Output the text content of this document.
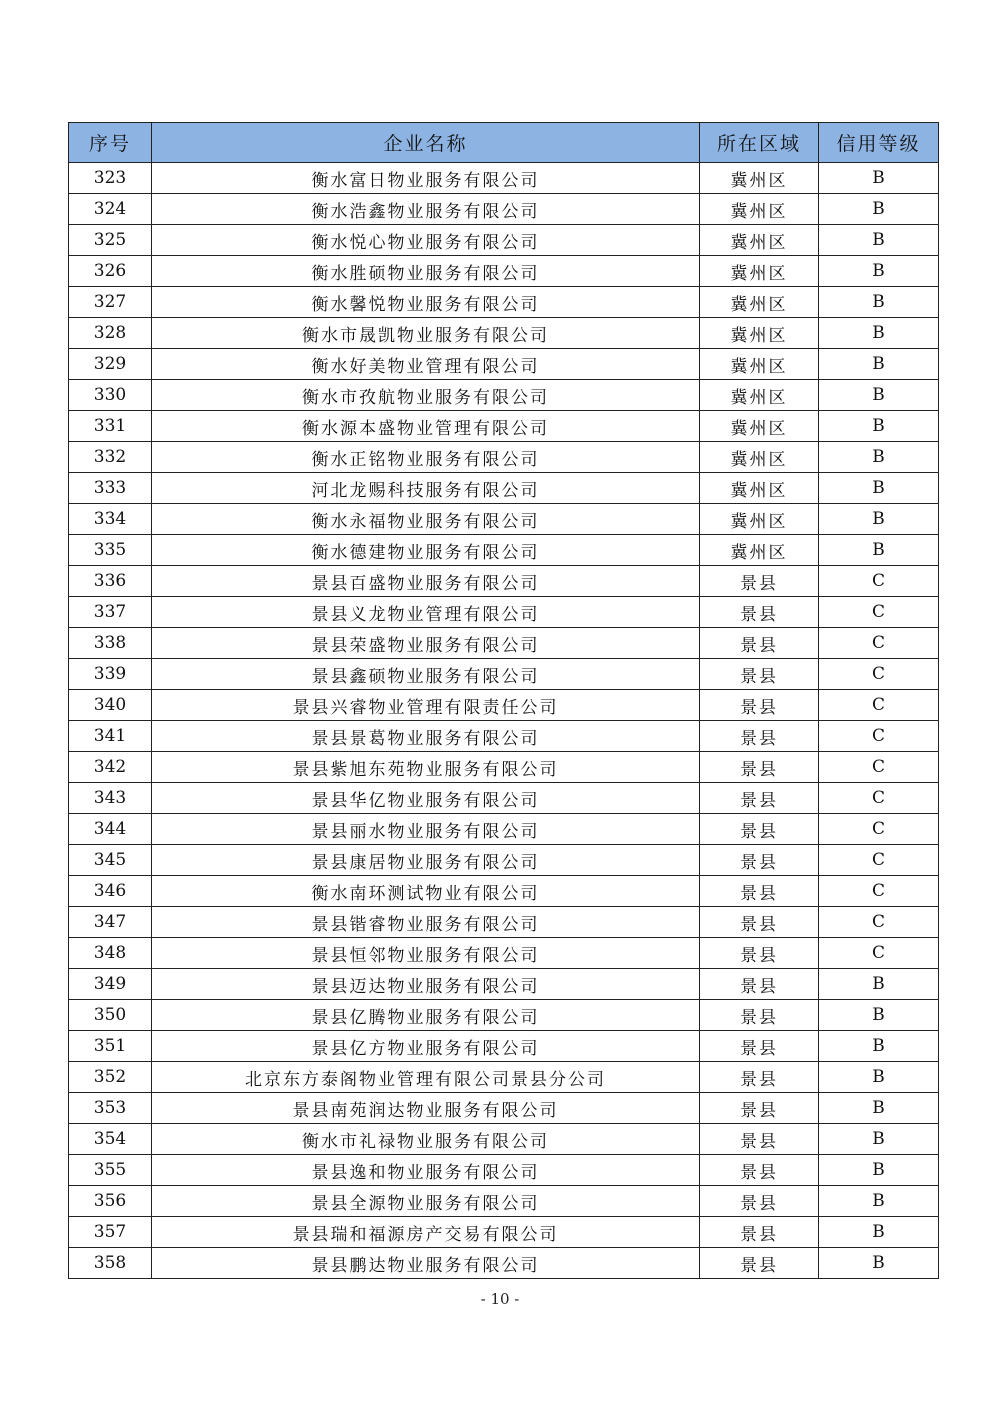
序号	企业名称	所在区域	信用等级
323	衡水富日物业服务有限公司	冀州区	B
324	衡水浩鑫物业服务有限公司	冀州区	B
325	衡水悦心物业服务有限公司	冀州区	B
326	衡水胜硕物业服务有限公司	冀州区	B
327	衡水馨悦物业服务有限公司	冀州区	B
328	衡水市晟凯物业服务有限公司	冀州区	B
329	衡水好美物业管理有限公司	冀州区	B
330	衡水市孜航物业服务有限公司	冀州区	B
331	衡水源本盛物业管理有限公司	冀州区	B
332	衡水正铭物业服务有限公司	冀州区	B
333	河北龙赐科技服务有限公司	冀州区	B
334	衡水永福物业服务有限公司	冀州区	B
335	衡水德建物业服务有限公司	冀州区	B
336	景县百盛物业服务有限公司	景县	C
337	景县义龙物业管理有限公司	景县	C
338	景县荣盛物业服务有限公司	景县	C
339	景县鑫硕物业服务有限公司	景县	C
340	景县兴睿物业管理有限责任公司	景县	C
341	景县景葛物业服务有限公司	景县	C
342	景县紫旭东苑物业服务有限公司	景县	C
343	景县华亿物业服务有限公司	景县	C
344	景县丽水物业服务有限公司	景县	C
345	景县康居物业服务有限公司	景县	C
346	衡水南环测试物业有限公司	景县	C
347	景县锴睿物业服务有限公司	景县	C
348	景县恒邻物业服务有限公司	景县	C
349	景县迈达物业服务有限公司	景县	B
350	景县亿腾物业服务有限公司	景县	B
351	景县亿方物业服务有限公司	景县	B
352	北京东方泰阁物业管理有限公司景县分公司	景县	B
353	景县南苑润达物业服务有限公司	景县	B
354	衡水市礼禄物业服务有限公司	景县	B
355	景县逸和物业服务有限公司	景县	B
356	景县全源物业服务有限公司	景县	B
357	景县瑞和福源房产交易有限公司	景县	B
358	景县鹏达物业服务有限公司	景县	B
- 10 -
